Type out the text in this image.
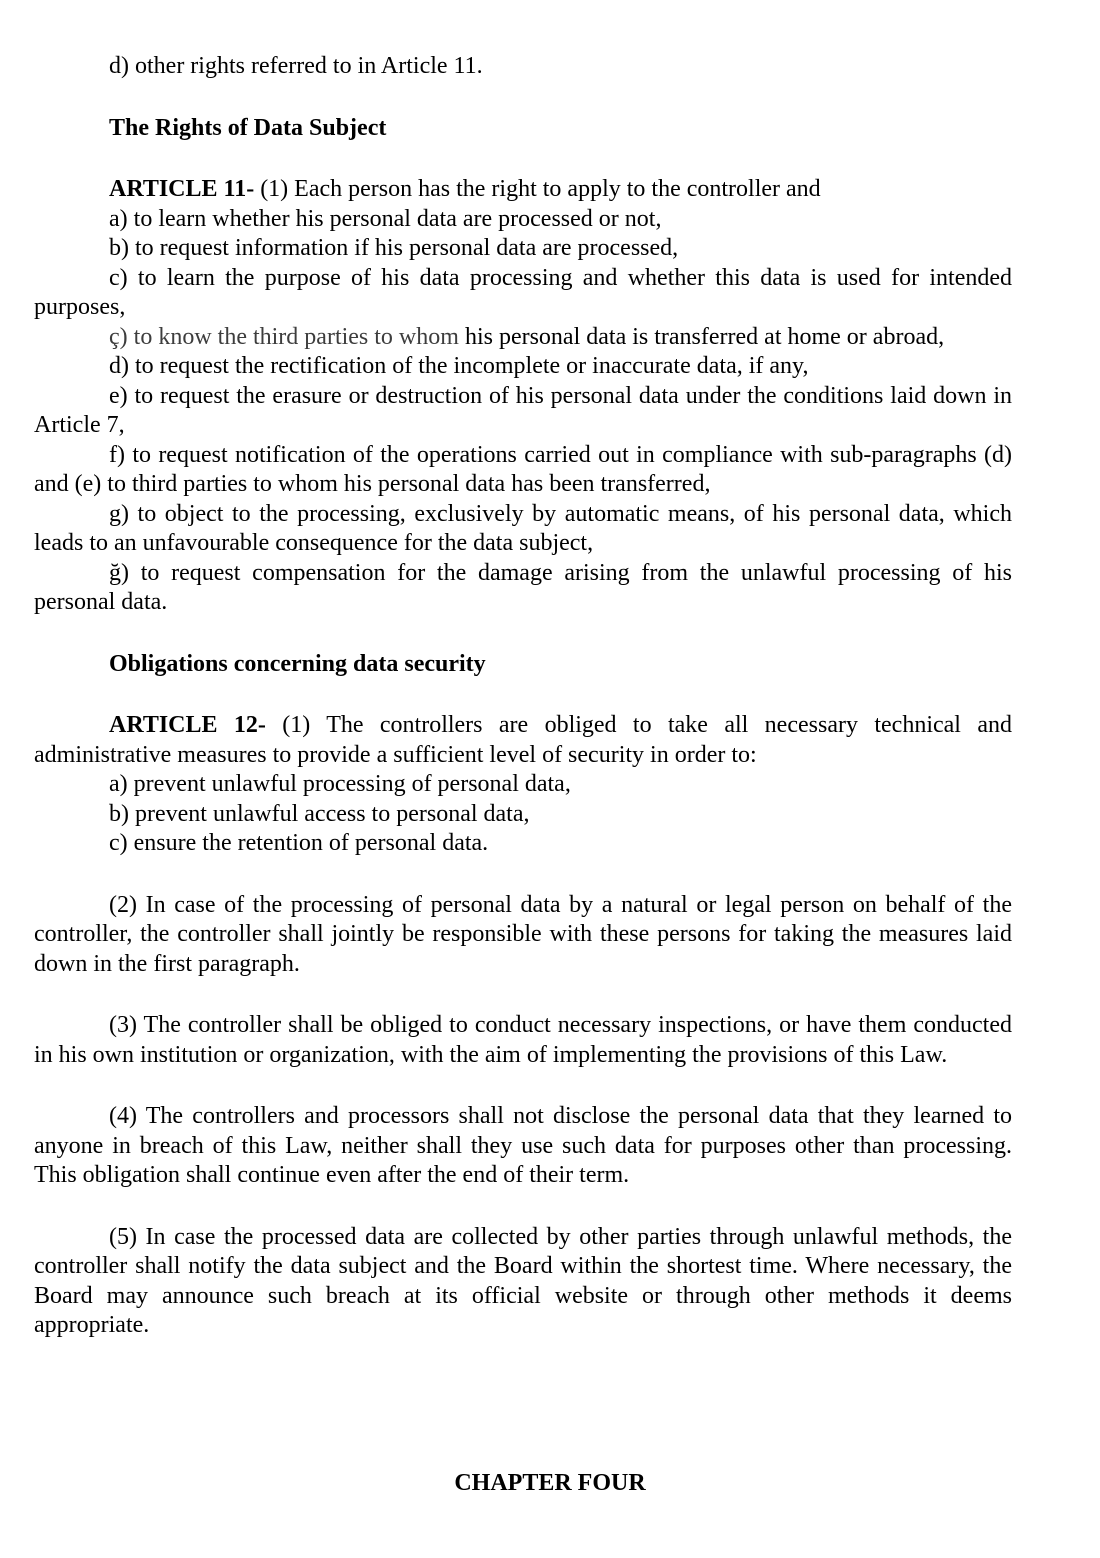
d) other rights referred to in Article 11.

The Rights of Data Subject

ARTICLE 11- (1) Each person has the right to apply to the controller and

a) to learn whether his personal data are processed or not,

b) to request information if his personal data are processed,

c) to learn the purpose of his data processing and whether this data is used for intended purposes,

ç) to know the third parties to whom his personal data is transferred at home or abroad,

d) to request the rectification of the incomplete or inaccurate data, if any,

e) to request the erasure or destruction of his personal data under the conditions laid down in Article 7,

f) to request notification of the operations carried out in compliance with sub-paragraphs (d) and (e) to third parties to whom his personal data has been transferred,

g) to object to the processing, exclusively by automatic means, of his personal data, which leads to an unfavourable consequence for the data subject,

ğ) to request compensation for the damage arising from the unlawful processing of his personal data.

Obligations concerning data security

ARTICLE 12- (1) The controllers are obliged to take all necessary technical and administrative measures to provide a sufficient level of security in order to:

a) prevent unlawful processing of personal data,

b) prevent unlawful access to personal data,

c) ensure the retention of personal data.

(2) In case of the processing of personal data by a natural or legal person on behalf of the controller, the controller shall jointly be responsible with these persons for taking the measures laid down in the first paragraph.

(3) The controller shall be obliged to conduct necessary inspections, or have them conducted in his own institution or organization, with the aim of implementing the provisions of this Law.

(4) The controllers and processors shall not disclose the personal data that they learned to anyone in breach of this Law, neither shall they use such data for purposes other than processing. This obligation shall continue even after the end of their term.

(5) In case the processed data are collected by other parties through unlawful methods, the controller shall notify the data subject and the Board within the shortest time. Where necessary, the Board may announce such breach at its official website or through other methods it deems appropriate.

CHAPTER FOUR
